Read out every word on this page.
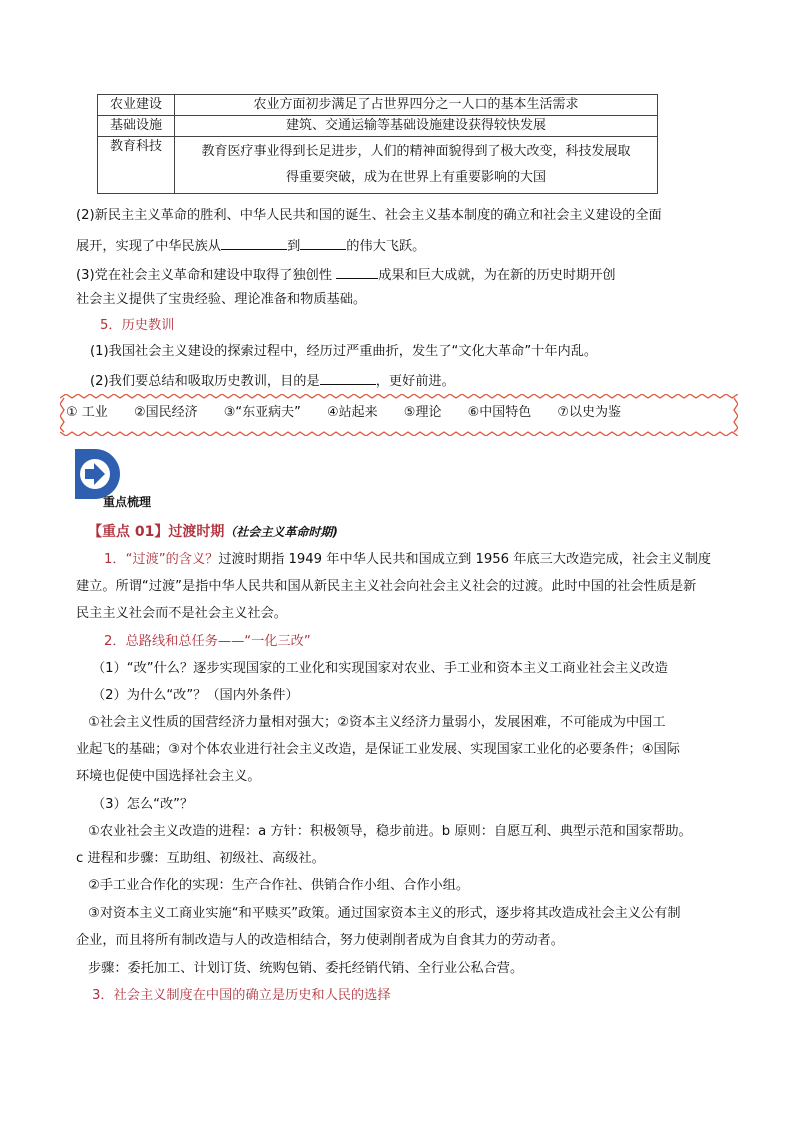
农业建设	农业方面初步满足了占世界四分之一人口的基本生活需求
基础设施	建筑、交通运输等基础设施建设获得较快发展
教育科技	教育医疗事业得到长足进步，人们的精神面貌得到了极大改变，科技发展取
得重要突破，成为在世界上有重要影响的大国
(2)新民主主义革命的胜利、中华人民共和国的诞生、社会主义基本制度的确立和社会主义建设的全面
展开，实现了中华民族从	到	的伟大飞跃。
(3)党在社会主义革命和建设中取得了独创性	成果和巨大成就，为在新的历史时期开创
社会主义提供了宝贵经验、理论准备和物质基础。
5．历史教训
(1)我国社会主义建设的探索过程中，经历过严重曲折，发生了“文化大革命”十年内乱。
(2)我们要总结和吸取历史教训，目的是	，更好前进。
① 工业 ②国民经济 ③“东亚病夫” ④站起来 ⑤理论 ⑥中国特色 ⑦以史为鉴
重点梳理
【重点 01】过渡时期（社会主义革命时期)
1．“过渡”的含义？过渡时期指 1949 年中华人民共和国成立到 1956 年底三大改造完成，社会主义制度
建立。所谓“过渡”是指中华人民共和国从新民主主义社会向社会主义社会的过渡。此时中国的社会性质是新
民主主义社会而不是社会主义社会。
2．总路线和总任务——“一化三改”
（1）“改”什么？逐步实现国家的工业化和实现国家对农业、手工业和资本主义工商业社会主义改造
（2）为什么“改”？（国内外条件）
①社会主义性质的国营经济力量相对强大；②资本主义经济力量弱小，发展困难，不可能成为中国工
业起飞的基础；③对个体农业进行社会主义改造，是保证工业发展、实现国家工业化的必要条件；④国际
环境也促使中国选择社会主义。
（3）怎么“改”？
①农业社会主义改造的进程：a 方针：积极领导，稳步前进。b 原则：自愿互利、典型示范和国家帮助。
c 进程和步骤：互助组、初级社、高级社。
②手工业合作化的实现：生产合作社、供销合作小组、合作小组。
③对资本主义工商业实施“和平赎买”政策。通过国家资本主义的形式，逐步将其改造成社会主义公有制
企业，而且将所有制改造与人的改造相结合，努力使剥削者成为自食其力的劳动者。
步骤：委托加工、计划订货、统购包销、委托经销代销、全行业公私合营。
3．社会主义制度在中国的确立是历史和人民的选择
